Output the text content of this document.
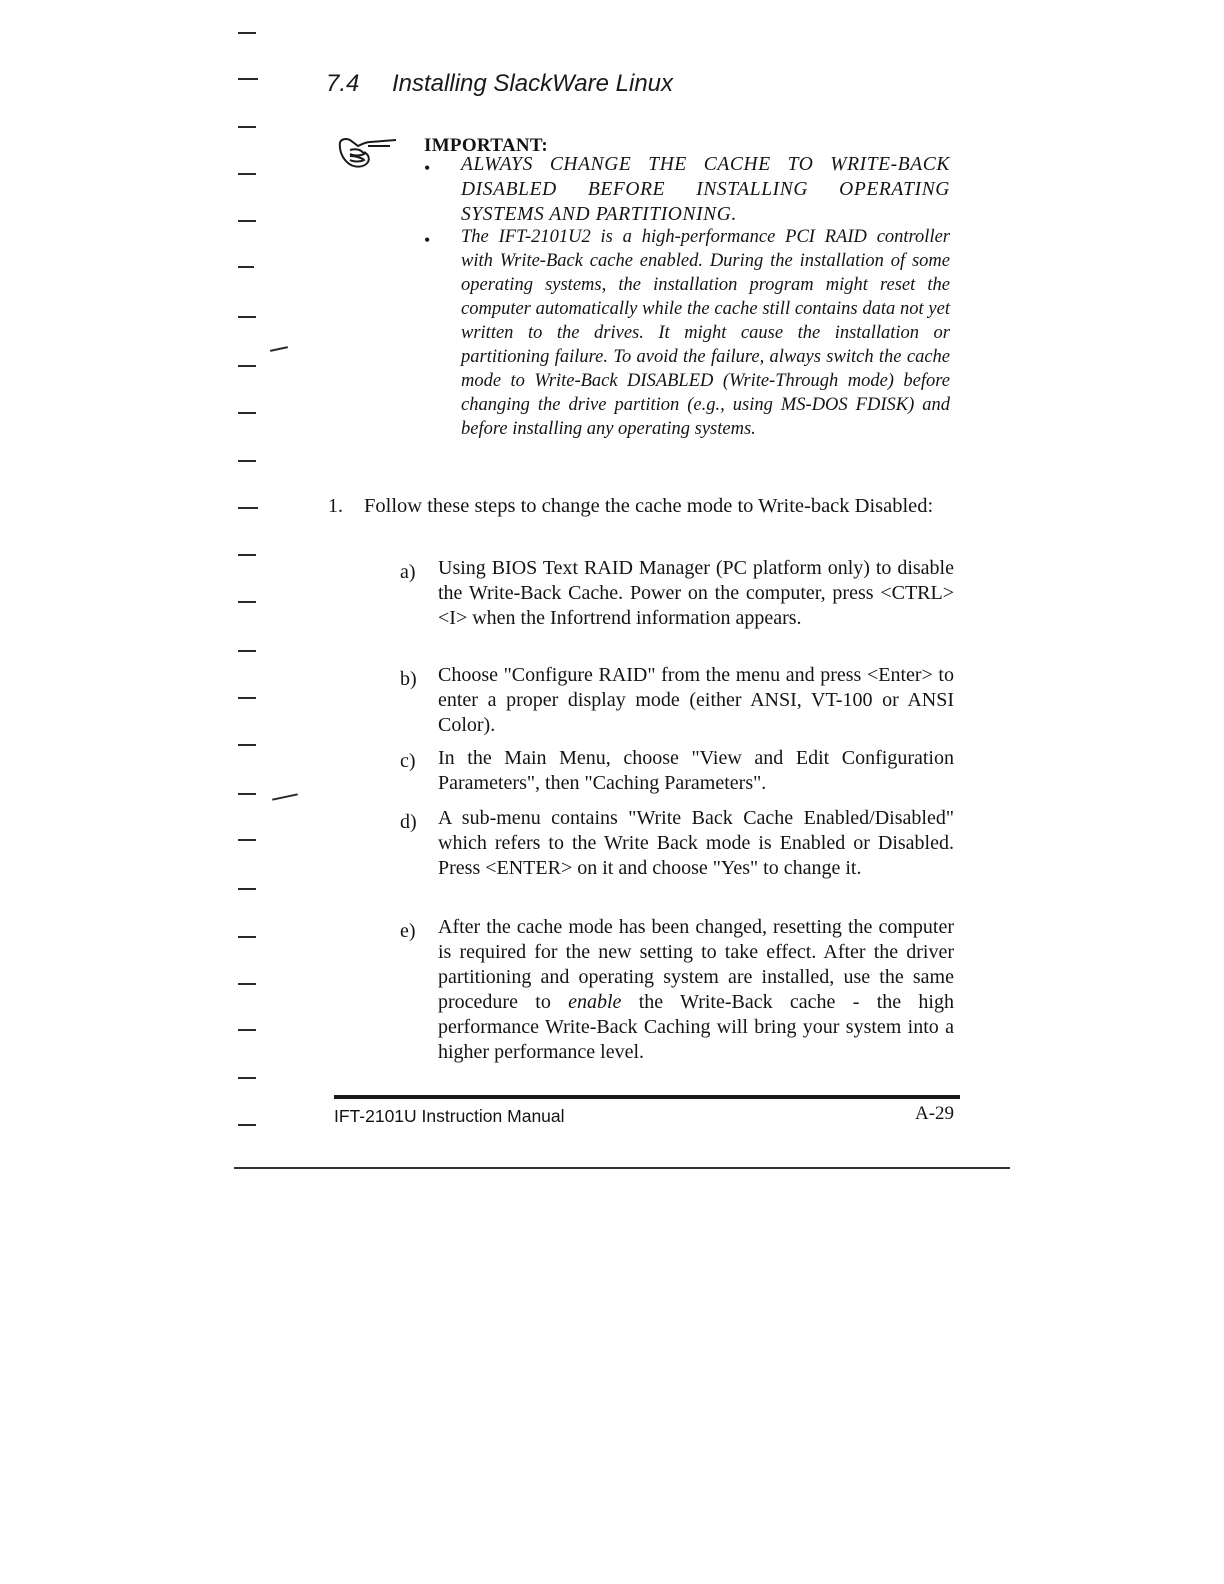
7.4 Installing SlackWare Linux
IMPORTANT:
• ALWAYS CHANGE THE CACHE TO WRITE-BACK DISABLED BEFORE INSTALLING OPERATING SYSTEMS AND PARTITIONING.
• The IFT-2101U2 is a high-performance PCI RAID controller with Write-Back cache enabled. During the installation of some operating systems, the installation program might reset the computer automatically while the cache still contains data not yet written to the drives. It might cause the installation or partitioning failure. To avoid the failure, always switch the cache mode to Write-Back DISABLED (Write-Through mode) before changing the drive partition (e.g., using MS-DOS FDISK) and before installing any operating systems.
1. Follow these steps to change the cache mode to Write-back Disabled:
a) Using BIOS Text RAID Manager (PC platform only) to disable the Write-Back Cache. Power on the computer, press <CTRL><I> when the Infortrend information appears.
b) Choose "Configure RAID" from the menu and press <Enter> to enter a proper display mode (either ANSI, VT-100 or ANSI Color).
c) In the Main Menu, choose "View and Edit Configuration Parameters", then "Caching Parameters".
d) A sub-menu contains "Write Back Cache Enabled/Disabled" which refers to the Write Back mode is Enabled or Disabled. Press <ENTER> on it and choose "Yes" to change it.
e) After the cache mode has been changed, resetting the computer is required for the new setting to take effect. After the driver partitioning and operating system are installed, use the same procedure to enable the Write-Back cache - the high performance Write-Back Caching will bring your system into a higher performance level.
IFT-2101U Instruction Manual	A-29
